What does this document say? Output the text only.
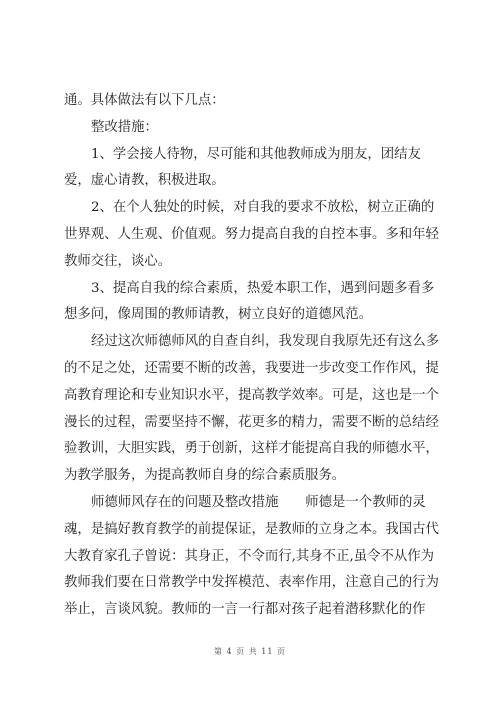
通。具体做法有以下几点：
整改措施：
1、学会接人待物，尽可能和其他教师成为朋友，团结友
爱，虚心请教，积极进取。
2、在个人独处的时候，对自我的要求不放松，树立正确的
世界观、人生观、价值观。努力提高自我的自控本事。多和年轻
教师交往，谈心。
3、提高自我的综合素质，热爱本职工作，遇到问题多看多
想多问，像周围的教师请教，树立良好的道德风范。
经过这次师德师风的自查自纠，我发现自我原先还有这么多
的不足之处，还需要不断的改善，我要进一步改变工作作风，提
高教育理论和专业知识水平，提高教学效率。可是，这也是一个
漫长的过程，需要坚持不懈，花更多的精力，需要不断的总结经
验教训，大胆实践，勇于创新，这样才能提高自我的师德水平，
为教学服务，为提高教师自身的综合素质服务。
师德师风存在的问题及整改措施　　师德是一个教师的灵
魂，是搞好教育教学的前提保证，是教师的立身之本。我国古代
大教育家孔子曾说：其身正，不令而行,其身不正,虽令不从作为
教师我们要在日常教学中发挥模范、表率作用，注意自己的行为
举止，言谈风貌。教师的一言一行都对孩子起着潜移默化的作
第 4 页 共 11 页
